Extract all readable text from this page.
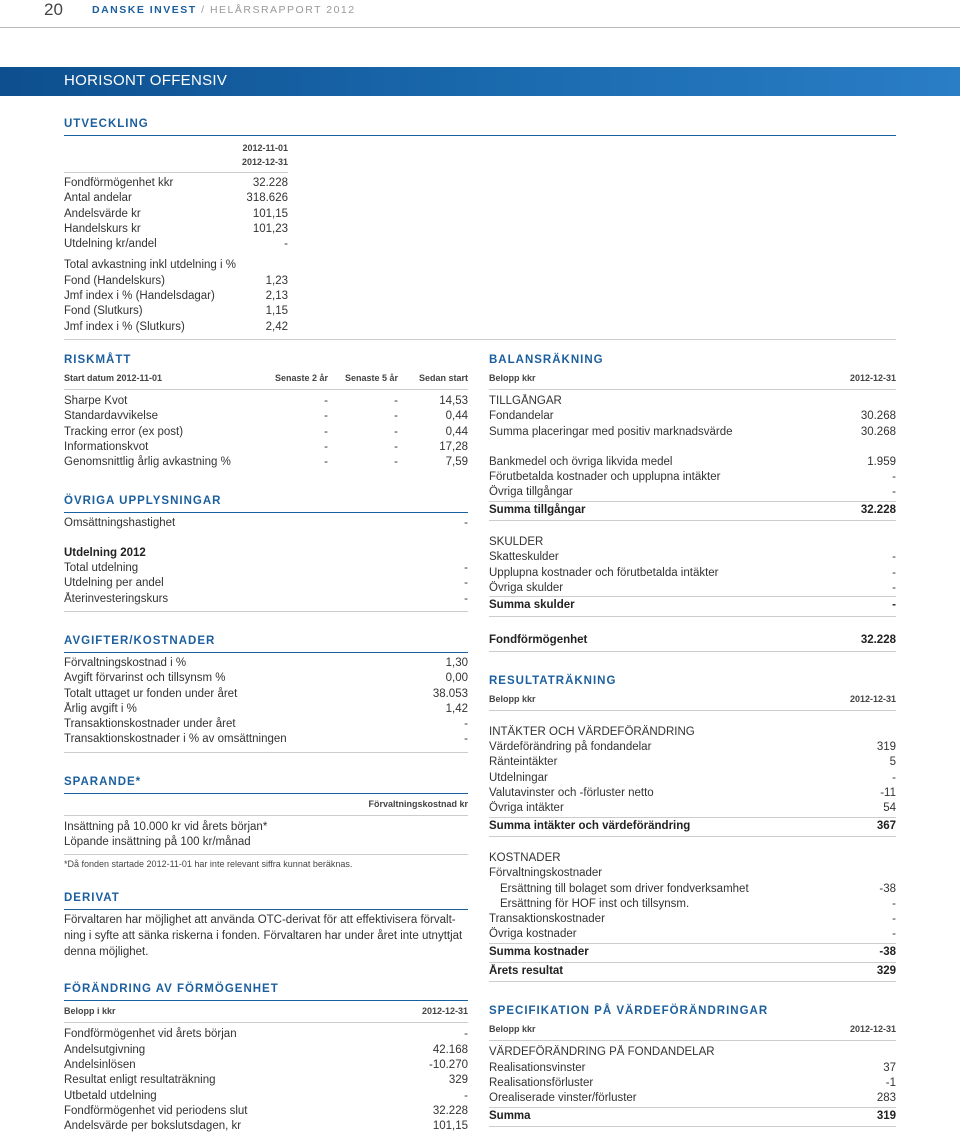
20	DANSKE INVEST / HELÅRSRAPPORT 2012
HORISONT OFFENSIV
UTVECKLING
2012-11-01
2012-12-31
Fondförmögenhet kkr	32.228
Antal andelar	318.626
Andelsvärde kr	101,15
Handelskurs kr	101,23
Utdelning kr/andel	-
Total avkastning inkl utdelning i %
Fond (Handelskurs)	1,23
Jmf index i % (Handelsdagar)	2,13
Fond (Slutkurs)	1,15
Jmf index i % (Slutkurs)	2,42
RISKMÅTT
Start datum 2012-11-01	Senaste 2 år	Senaste 5 år	Sedan start
Sharpe Kvot	-	-	14,53
Standardavvikelse	-	-	0,44
Tracking error (ex post)	-	-	0,44
Informationskvot	-	-	17,28
Genomsnittlig årlig avkastning %	-	-	7,59
ÖVRIGA UPPLYSNINGAR
Omsättningshastighet	-
Utdelning 2012
Total utdelning	-
Utdelning per andel	-
Återinvesteringskurs	-
AVGIFTER/KOSTNADER
Förvaltningskostnad i %	1,30
Avgift förvarinst och tillsynsm %	0,00
Totalt uttaget ur fonden under året	38.053
Årlig avgift i %	1,42
Transaktionskostnader under året	-
Transaktionskostnader i % av omsättningen	-
SPARANDE*
Förvaltningskostnad kr
Insättning på 10.000 kr vid årets början*
Löpande insättning på 100 kr/månad
*Då fonden startade 2012-11-01 har inte relevant siffra kunnat beräknas.
DERIVAT
Förvaltaren har möjlighet att använda OTC-derivat för att effektivisera förvalt-
ning i syfte att sänka riskerna i fonden. Förvaltaren har under året inte utnyttjat
denna möjlighet.
FÖRÄNDRING AV FÖRMÖGENHET
Belopp i kkr	2012-12-31
Fondförmögenhet vid årets början	-
Andelsutgivning	42.168
Andelsinlösen	-10.270
Resultat enligt resultaträkning	329
Utbetald utdelning	-
Fondförmögenhet vid periodens slut	32.228
Andelsvärde per bokslutsdagen, kr	101,15
BALANSRÄKNING
Belopp kkr	2012-12-31
TILLGÅNGAR
Fondandelar	30.268
Summa placeringar med positiv marknadsvärde	30.268
Bankmedel och övriga likvida medel	1.959
Förutbetalda kostnader och upplupna intäkter	-
Övriga tillgångar	-
Summa tillgångar	32.228
SKULDER
Skatteskulder	-
Upplupna kostnader och förutbetalda intäkter	-
Övriga skulder	-
Summa skulder	-
Fondförmögenhet	32.228
RESULTATRÄKNING
Belopp kkr	2012-12-31
INTÄKTER OCH VÄRDEFÖRÄNDRING
Värdeförändring på fondandelar	319
Ränteintäkter	5
Utdelningar	-
Valutavinster och -förluster netto	-11
Övriga intäkter	54
Summa intäkter och värdeförändring	367
KOSTNADER
Förvaltningskostnader
Ersättning till bolaget som driver fondverksamhet	-38
Ersättning för HOF inst och tillsynsm.	-
Transaktionskostnader	-
Övriga kostnader	-
Summa kostnader	-38
Årets resultat	329
SPECIFIKATION PÅ VÄRDEFÖRÄNDRINGAR
Belopp kkr	2012-12-31
VÄRDEFÖRÄNDRING PÅ FONDANDELAR
Realisationsvinster	37
Realisationsförluster	-1
Orealiserade vinster/förluster	283
Summa	319
